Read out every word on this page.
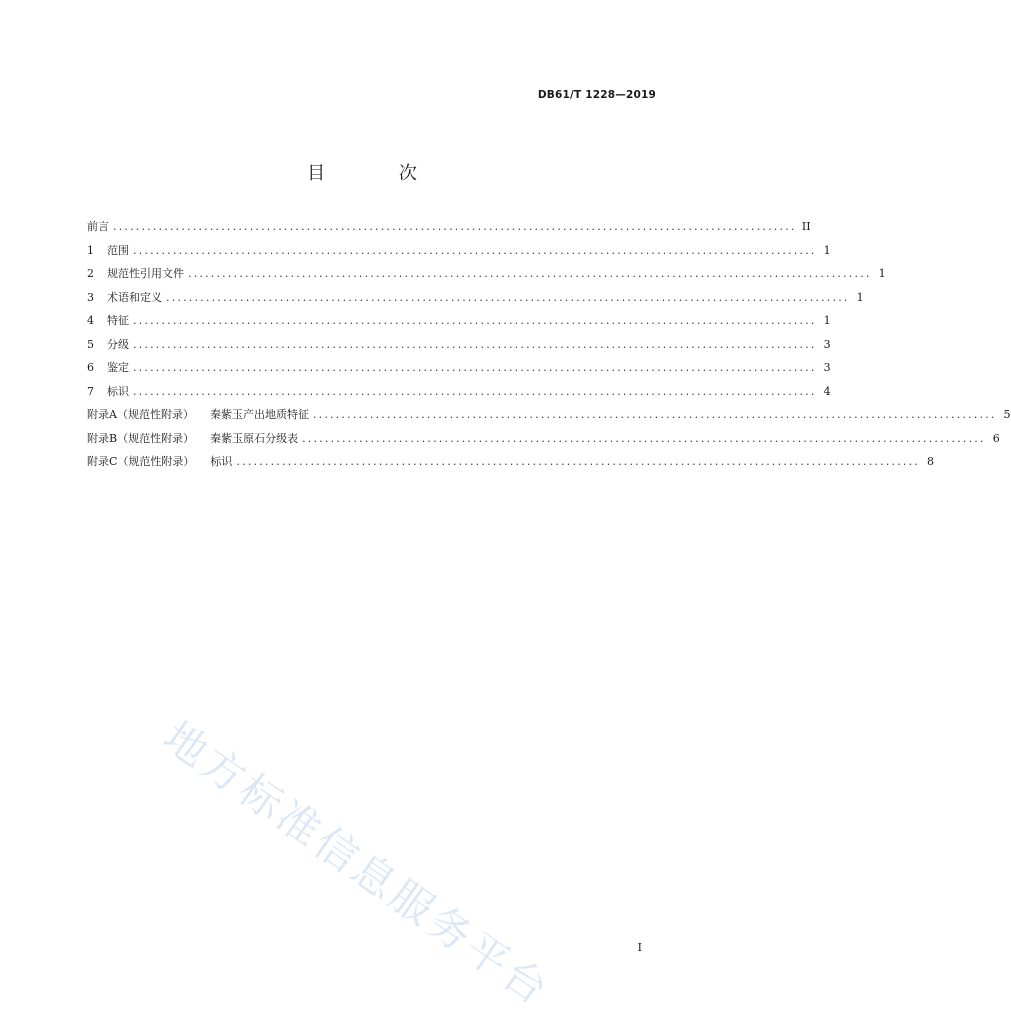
DB61/T 1228—2019
目 次
前言 ........................................................................................................................ II
1 范围 ........................................................................................................................ 1
2 规范性引用文件 ........................................................................................................................ 1
3 术语和定义 ........................................................................................................................ 1
4 特征 ........................................................................................................................ 1
5 分级 ........................................................................................................................ 3
6 鉴定 ........................................................................................................................ 3
7 标识 ........................................................................................................................ 4
附录A（规范性附录） 秦紫玉产出地质特征 ........................................................................................................................ 5
附录B（规范性附录） 秦紫玉原石分级表 ........................................................................................................................ 6
附录C（规范性附录） 标识 ........................................................................................................................ 8
地方标准信息服务平台	I
